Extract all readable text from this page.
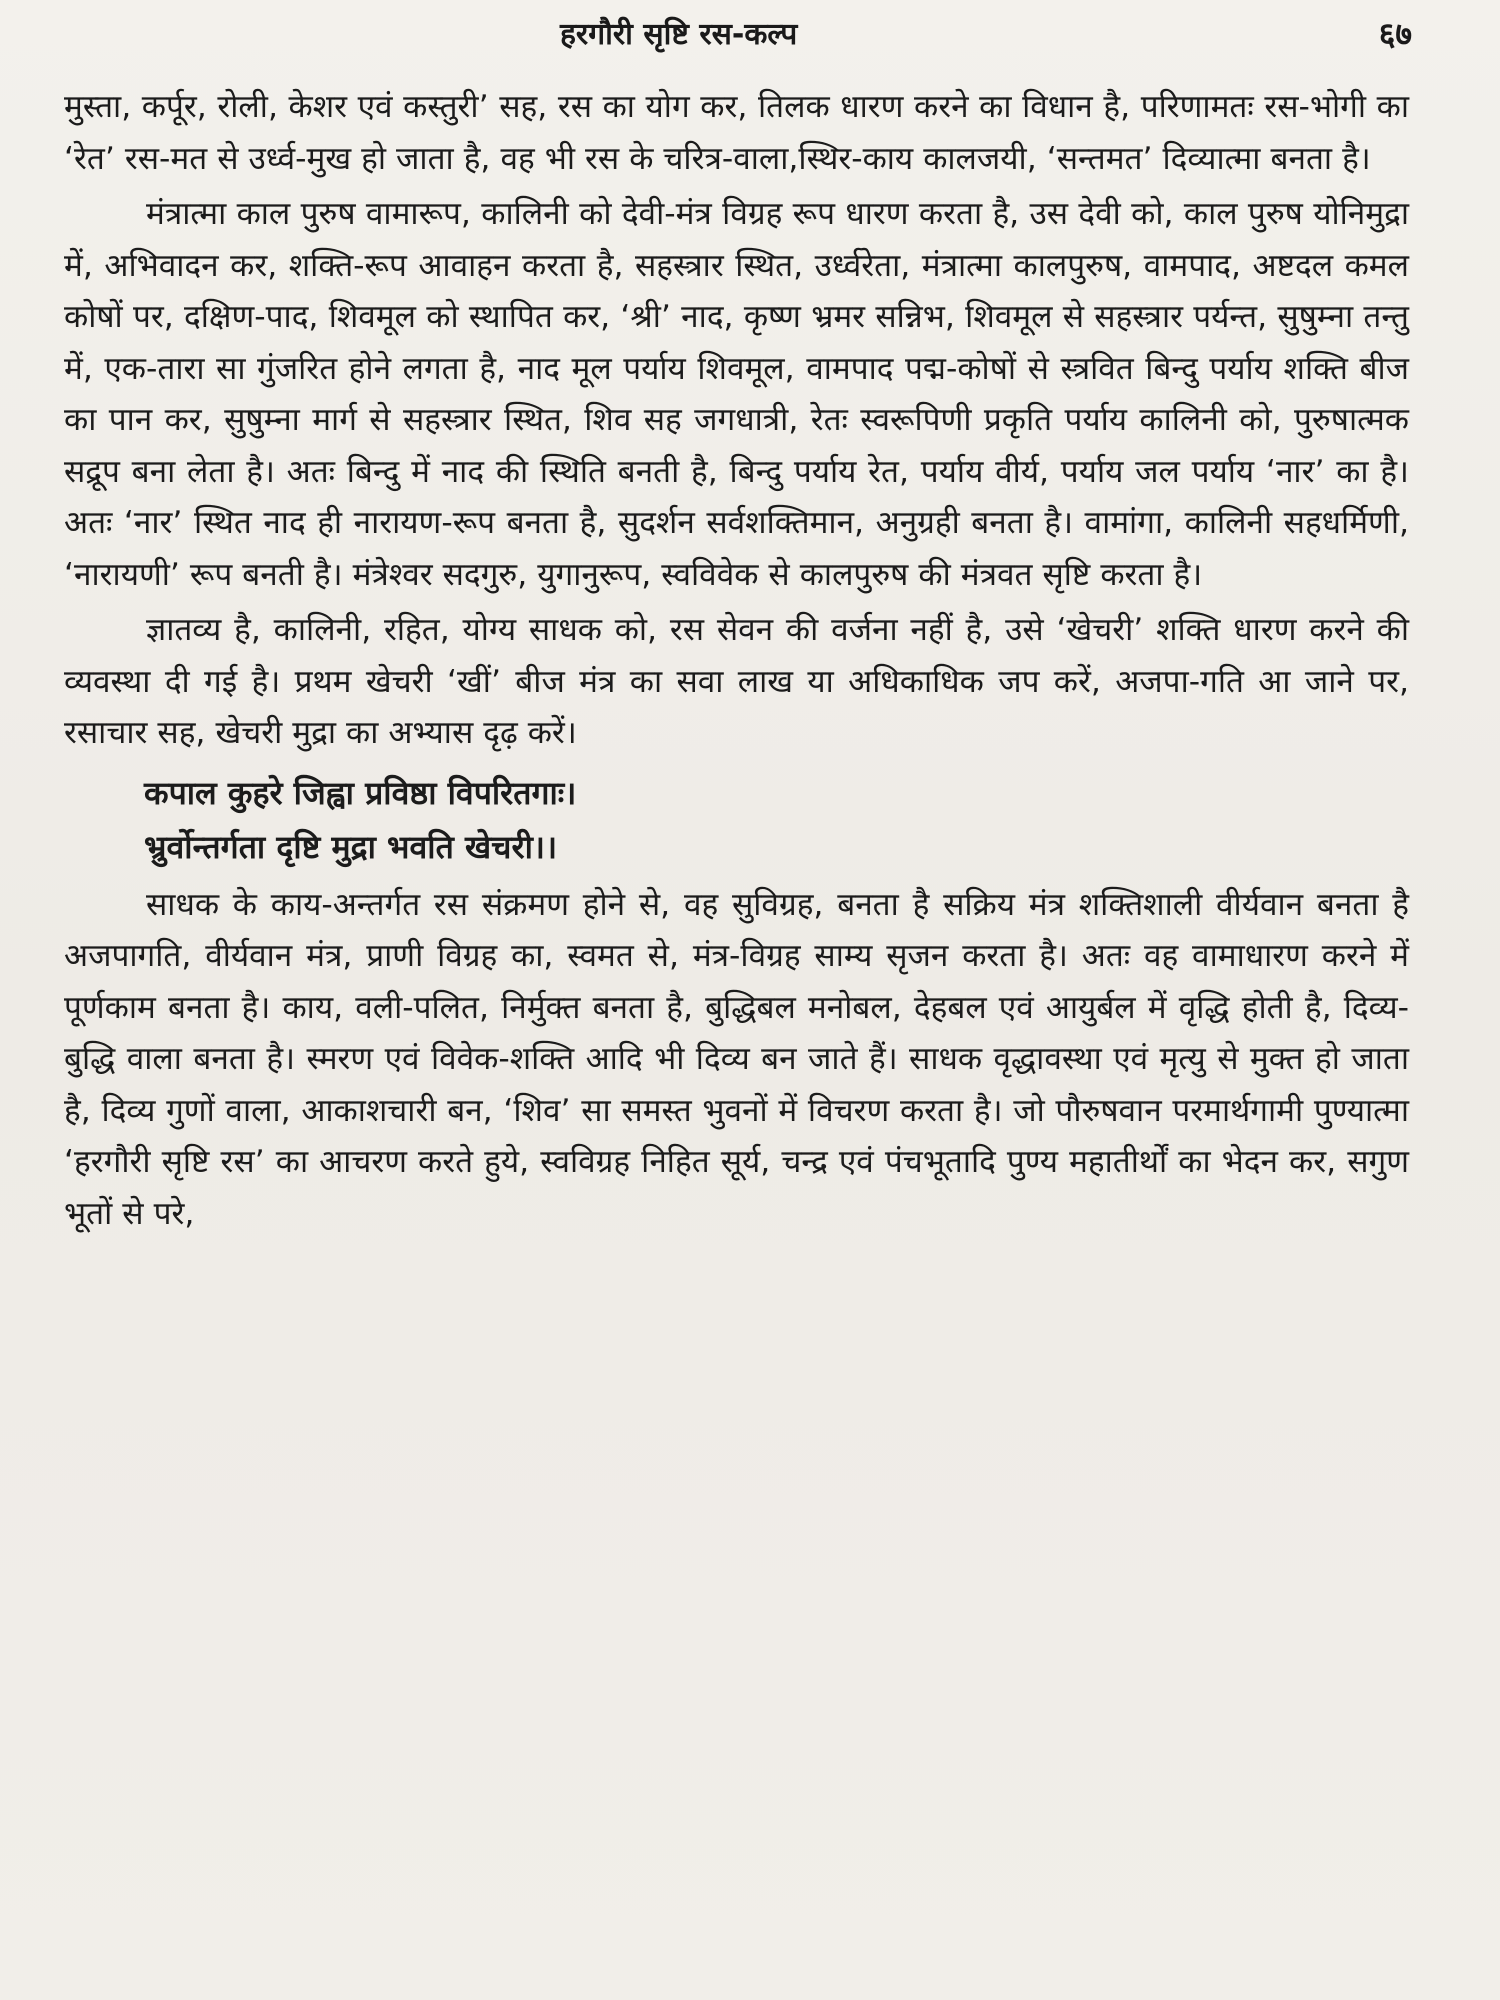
हरगौरी सृष्टि रस-कल्प	६७

मुस्ता, कर्पूर, रोली, केशर एवं कस्तुरी’ सह, रस का योग कर, तिलक धारण करने का विधान है, परिणामतः रस-भोगी का ‘रेत’ रस-मत से उर्ध्व-मुख हो जाता है, वह भी रस के चरित्र-वाला,स्थिर-काय कालजयी, ‘सन्तमत’ दिव्यात्मा बनता है।

मंत्रात्मा काल पुरुष वामारूप, कालिनी को देवी-मंत्र विग्रह रूप धारण करता है, उस देवी को, काल पुरुष योनिमुद्रा में, अभिवादन कर, शक्ति-रूप आवाहन करता है, सहस्त्रार स्थित, उर्ध्वरेता, मंत्रात्मा कालपुरुष, वामपाद, अष्टदल कमल कोषों पर, दक्षिण-पाद, शिवमूल को स्थापित कर, ‘श्री’ नाद, कृष्ण भ्रमर सन्निभ, शिवमूल से सहस्त्रार पर्यन्त, सुषुम्ना तन्तु में, एक-तारा सा गुंजरित होने लगता है, नाद मूल पर्याय शिवमूल, वामपाद पद्म-कोषों से स्त्रवित बिन्दु पर्याय शक्ति बीज का पान कर, सुषुम्ना मार्ग से सहस्त्रार स्थित, शिव सह जगधात्री, रेतः स्वरूपिणी प्रकृति पर्याय कालिनी को, पुरुषात्मक सद्रूप बना लेता है। अतः बिन्दु में नाद की स्थिति बनती है, बिन्दु पर्याय रेत, पर्याय वीर्य, पर्याय जल पर्याय ‘नार’ का है। अतः ‘नार’ स्थित नाद ही नारायण-रूप बनता है, सुदर्शन सर्वशक्तिमान, अनुग्रही बनता है। वामांगा, कालिनी सहधर्मिणी, ‘नारायणी’ रूप बनती है। मंत्रेश्वर सदगुरु, युगानुरूप, स्वविवेक से कालपुरुष की मंत्रवत सृष्टि करता है।

ज्ञातव्य है, कालिनी, रहित, योग्य साधक को, रस सेवन की वर्जना नहीं है, उसे ‘खेचरी’ शक्ति धारण करने की व्यवस्था दी गई है। प्रथम खेचरी ‘खीं’ बीज मंत्र का सवा लाख या अधिकाधिक जप करें, अजपा-गति आ जाने पर, रसाचार सह, खेचरी मुद्रा का अभ्यास दृढ़ करें।

कपाल कुहरे जिह्वा प्रविष्ठा विपरितगाः।
भ्रुर्वोन्तर्गता दृष्टि मुद्रा भवति खेचरी।।

साधक के काय-अन्तर्गत रस संक्रमण होने से, वह सुविग्रह, बनता है सक्रिय मंत्र शक्तिशाली वीर्यवान बनता है अजपागति, वीर्यवान मंत्र, प्राणी विग्रह का, स्वमत से, मंत्र-विग्रह साम्य सृजन करता है। अतः वह वामाधारण करने में पूर्णकाम बनता है। काय, वली-पलित, निर्मुक्त बनता है, बुद्धिबल मनोबल, देहबल एवं आयुर्बल में वृद्धि होती है, दिव्य-बुद्धि वाला बनता है। स्मरण एवं विवेक-शक्ति आदि भी दिव्य बन जाते हैं। साधक वृद्धावस्था एवं मृत्यु से मुक्त हो जाता है, दिव्य गुणों वाला, आकाशचारी बन, ‘शिव’ सा समस्त भुवनों में विचरण करता है। जो पौरुषवान परमार्थगामी पुण्यात्मा ‘हरगौरी सृष्टि रस’ का आचरण करते हुये, स्वविग्रह निहित सूर्य, चन्द्र एवं पंचभूतादि पुण्य महातीर्थों का भेदन कर, सगुण भूतों से परे,
